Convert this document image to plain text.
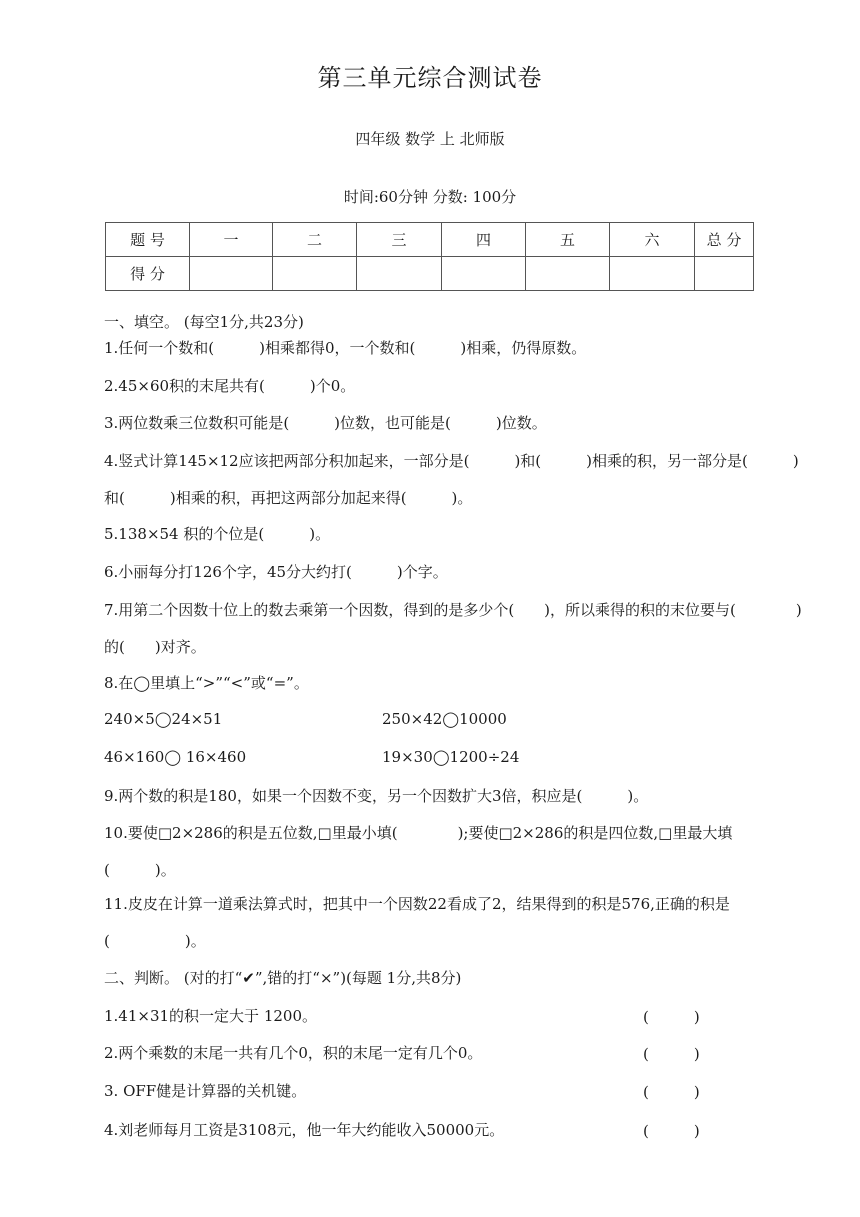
第三单元综合测试卷
四年级 数学 上 北师版
时间:60分钟 分数: 100分
题 号	一	二	三	四	五	六	总 分
得 分							
一、填空。 (每空1分,共23分)
1.任何一个数和(　　　)相乘都得0，一个数和(　　　)相乘，仍得原数。
2.45×60积的末尾共有(　　　)个0。
3.两位数乘三位数积可能是(　　　)位数，也可能是(　　　)位数。
4.竖式计算145×12应该把两部分积加起来，一部分是(　　　)和(　　　)相乘的积，另一部分是(　　　)和(　　　)相乘的积，再把这两部分加起来得(　　　)。
5.138×54 积的个位是(　　　)。
6.小丽每分打126个字，45分大约打(　　　)个字。
7.用第二个因数十位上的数去乘第一个因数，得到的是多少个(　　)，所以乘得的积的末位要与(　　　　)的(　　)对齐。
8.在◯里填上“>”“<”或“=”。
240×5◯24×51	250×42◯10000
46×160◯ 16×460	19×30◯1200÷24
9.两个数的积是180，如果一个因数不变，另一个因数扩大3倍，积应是(　　　)。
10.要使□2×286的积是五位数,□里最小填(　　　　);要使□2×286的积是四位数,□里最大填(　　　)。
11.皮皮在计算一道乘法算式时，把其中一个因数22看成了2，结果得到的积是576,正确的积是(　　　　　)。
二、判断。 (对的打“✔”,错的打“×”)(每题 1分,共8分)
1.41×31的积一定大于 1200。	(　　　)
2.两个乘数的末尾一共有几个0，积的末尾一定有几个0。	(　　　)
3. OFF健是计算器的关机键。	(　　　)
4.刘老师每月工资是3108元，他一年大约能收入50000元。	(　　　)
